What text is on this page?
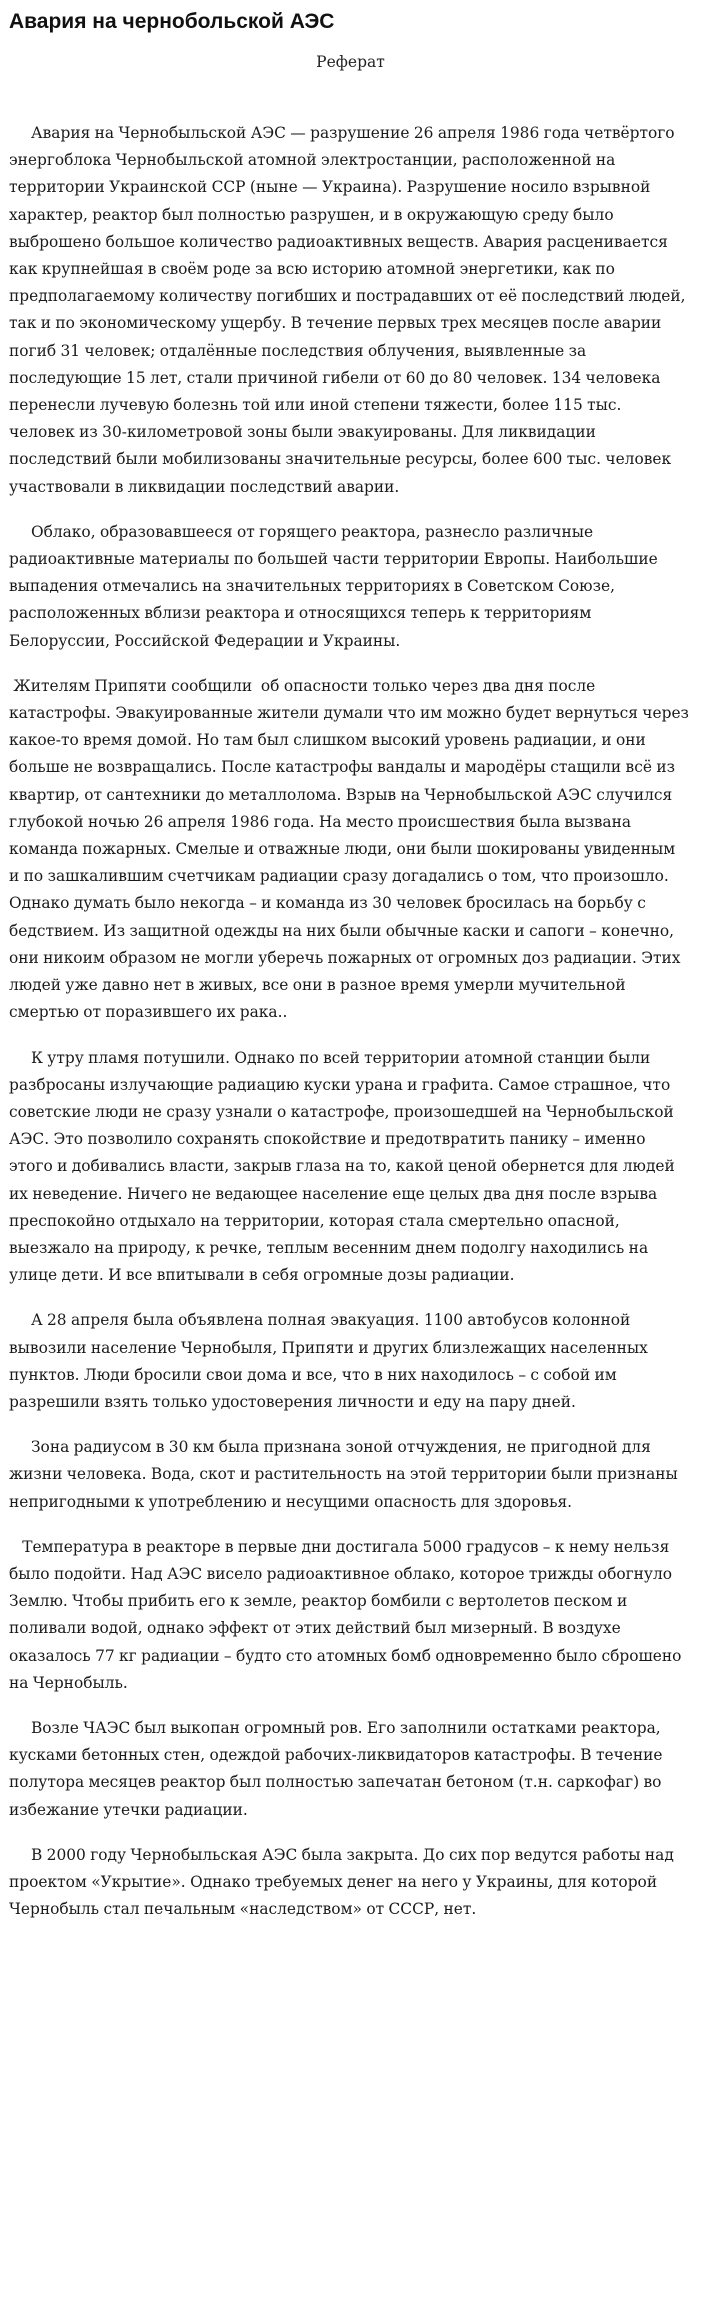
Авария на чернобольской АЭС
Реферат

Авария на Чернобыльской АЭС — разрушение 26 апреля 1986 года четвёртого энергоблока Чернобыльской атомной электростанции, расположенной на территории Украинской ССР (ныне — Украина). Разрушение носило взрывной характер, реактор был полностью разрушен, и в окружающую среду было выброшено большое количество радиоактивных веществ. Авария расценивается как крупнейшая в своём роде за всю историю атомной энергетики, как по предполагаемому количеству погибших и пострадавших от её последствий людей, так и по экономическому ущербу. В течение первых трех месяцев после аварии погиб 31 человек; отдалённые последствия облучения, выявленные за последующие 15 лет, стали причиной гибели от 60 до 80 человек. 134 человека перенесли лучевую болезнь той или иной степени тяжести, более 115 тыс. человек из 30-километровой зоны были эвакуированы. Для ликвидации последствий были мобилизованы значительные ресурсы, более 600 тыс. человек участвовали в ликвидации последствий аварии.

Облако, образовавшееся от горящего реактора, разнесло различные радиоактивные материалы по большей части территории Европы. Наибольшие выпадения отмечались на значительных территориях в Советском Союзе, расположенных вблизи реактора и относящихся теперь к территориям Белоруссии, Российской Федерации и Украины.

Жителям Припяти сообщили  об опасности только через два дня после катастрофы. Эвакуированные жители думали что им можно будет вернуться через какое-то время домой. Но там был слишком высокий уровень радиации, и они больше не возвращались. После катастрофы вандалы и мародёры стащили всё из квартир, от сантехники до металлолома. Взрыв на Чернобыльской АЭС случился глубокой ночью 26 апреля 1986 года. На место происшествия была вызвана команда пожарных. Смелые и отважные люди, они были шокированы увиденным и по зашкалившим счетчикам радиации сразу догадались о том, что произошло. Однако думать было некогда – и команда из 30 человек бросилась на борьбу с бедствием. Из защитной одежды на них были обычные каски и сапоги – конечно, они никоим образом не могли уберечь пожарных от огромных доз радиации. Этих людей уже давно нет в живых, все они в разное время умерли мучительной смертью от поразившего их рака..

К утру пламя потушили. Однако по всей территории атомной станции были разбросаны излучающие радиацию куски урана и графита. Самое страшное, что советские люди не сразу узнали о катастрофе, произошедшей на Чернобыльской АЭС. Это позволило сохранять спокойствие и предотвратить панику – именно этого и добивались власти, закрыв глаза на то, какой ценой обернется для людей их неведение. Ничего не ведающее население еще целых два дня после взрыва преспокойно отдыхало на территории, которая стала смертельно опасной, выезжало на природу, к речке, теплым весенним днем подолгу находились на улице дети. И все впитывали в себя огромные дозы радиации.

А 28 апреля была объявлена полная эвакуация. 1100 автобусов колонной вывозили население Чернобыля, Припяти и других близлежащих населенных пунктов. Люди бросили свои дома и все, что в них находилось – с собой им разрешили взять только удостоверения личности и еду на пару дней.

Зона радиусом в 30 км была признана зоной отчуждения, не пригодной для жизни человека. Вода, скот и растительность на этой территории были признаны непригодными к употреблению и несущими опасность для здоровья.

Температура в реакторе в первые дни достигала 5000 градусов – к нему нельзя было подойти. Над АЭС висело радиоактивное облако, которое трижды обогнуло Землю. Чтобы прибить его к земле, реактор бомбили с вертолетов песком и поливали водой, однако эффект от этих действий был мизерный. В воздухе оказалось 77 кг радиации – будто сто атомных бомб одновременно было сброшено на Чернобыль.

Возле ЧАЭС был выкопан огромный ров. Его заполнили остатками реактора, кусками бетонных стен, одеждой рабочих-ликвидаторов катастрофы. В течение полутора месяцев реактор был полностью запечатан бетоном (т.н. саркофаг) во избежание утечки радиации.

В 2000 году Чернобыльская АЭС была закрыта. До сих пор ведутся работы над проектом «Укрытие». Однако требуемых денег на него у Украины, для которой Чернобыль стал печальным «наследством» от СССР, нет.
